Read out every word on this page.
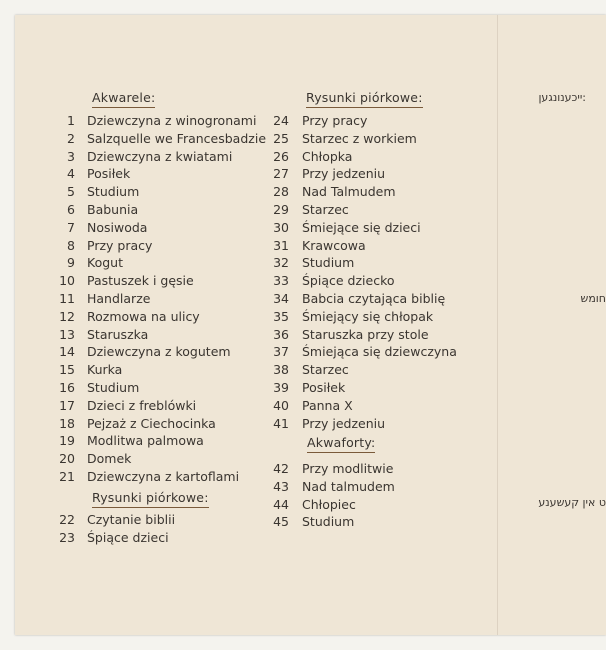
Akwarele:
1 Dziewczyna z winogronami
2 Salzquelle we Francesbadzie
3 Dziewczyna z kwiatami
4 Posiłek
5 Studium
6 Babunia
7 Nosiwoda
8 Przy pracy
9 Kogut
10 Pastuszek i gęsie
11 Handlarze
12 Rozmowa na ulicy
13 Staruszka
14 Dziewczyna z kogutem
15 Kurka
16 Studium
17 Dzieci z freblówki
18 Pejzaż z Ciechocinka
19 Modlitwa palmowa
20 Domek
21 Dziewczyna z kartoflami
Rysunki piórkowe:
22 Czytanie biblii
23 Śpiące dzieci
Rysunki piórkowe:
24 Przy pracy
25 Starzec z workiem
26 Chłopka
27 Przy jedzeniu
28 Nad Talmudem
29 Starzec
30 Śmiejące się dzieci
31 Krawcowa
32 Studium
33 Śpiące dziecko
34 Babcia czytająca biblię
35 Śmiejący się chłopak
36 Staruszka przy stole
37 Śmiejąca się dziewczyna
38 Starzec
39 Posiłek
40 Panna X
41 Przy jedzeniu
Akwaforty:
42 Przy modlitwie
43 Nad talmudem
44 Chłopiec
45 Studium
:ייכענונגען
חומש
ט אין קעשענע
